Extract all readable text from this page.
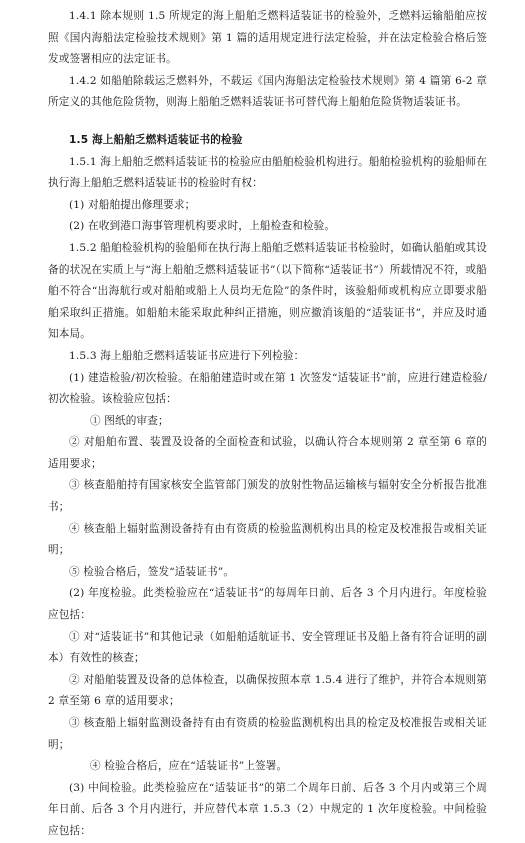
1.4.1 除本规则 1.5 所规定的海上船舶乏燃料适装证书的检验外，乏燃料运输船舶应按照《国内海船法定检验技术规则》第 1 篇的适用规定进行法定检验，并在法定检验合格后签发或签署相应的法定证书。

1.4.2 如船舶除载运乏燃料外，不载运《国内海船法定检验技术规则》第 4 篇第 6-2 章所定义的其他危险货物，则海上船舶乏燃料适装证书可替代海上船舶危险货物适装证书。

1.5 海上船舶乏燃料适装证书的检验

1.5.1 海上船舶乏燃料适装证书的检验应由船舶检验机构进行。船舶检验机构的验船师在执行海上船舶乏燃料适装证书的检验时有权：

(1) 对船舶提出修理要求；

(2) 在收到港口海事管理机构要求时，上船检查和检验。

1.5.2 船舶检验机构的验船师在执行海上船舶乏燃料适装证书检验时，如确认船舶或其设备的状况在实质上与“海上船舶乏燃料适装证书”（以下简称“适装证书”）所载情况不符，或船舶不符合“出海航行或对船舶或船上人员均无危险”的条件时，该验船师或机构应立即要求船舶采取纠正措施。如船舶未能采取此种纠正措施，则应撤消该船的“适装证书”，并应及时通知本局。

1.5.3 海上船舶乏燃料适装证书应进行下列检验：

(1) 建造检验/初次检验。在船舶建造时或在第 1 次签发“适装证书”前，应进行建造检验/初次检验。该检验应包括：

① 图纸的审查；

② 对船舶布置、装置及设备的全面检查和试验，以确认符合本规则第 2 章至第 6 章的适用要求；

③ 核查船舶持有国家核安全监管部门颁发的放射性物品运输核与辐射安全分析报告批准书；

④ 核查船上辐射监测设备持有由有资质的检验监测机构出具的检定及校准报告或相关证明；

⑤ 检验合格后，签发“适装证书”。

(2) 年度检验。此类检验应在“适装证书”的每周年日前、后各 3 个月内进行。年度检验应包括：

① 对“适装证书”和其他记录（如船舶适航证书、安全管理证书及船上备有符合证明的副本）有效性的核查；

② 对船舶装置及设备的总体检查，以确保按照本章 1.5.4 进行了维护，并符合本规则第 2 章至第 6 章的适用要求；

③ 核查船上辐射监测设备持有由有资质的检验监测机构出具的检定及校准报告或相关证明；

④ 检验合格后，应在“适装证书”上签署。

(3) 中间检验。此类检验应在“适装证书”的第二个周年日前、后各 3 个月内或第三个周年日前、后各 3 个月内进行，并应替代本章 1.5.3（2）中规定的 1 次年度检验。中间检验应包括：
